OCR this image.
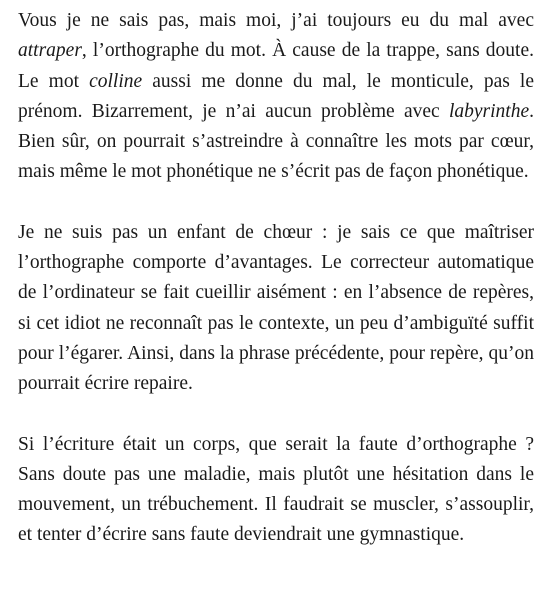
Vous je ne sais pas, mais moi, j’ai toujours eu du mal avec attraper, l’orthographe du mot. À cause de la trappe, sans doute. Le mot colline aussi me donne du mal, le monticule, pas le prénom. Bizarrement, je n’ai aucun problème avec labyrinthe. Bien sûr, on pourrait s’astreindre à connaître les mots par cœur, mais même le mot phonétique ne s’écrit pas de façon phonétique.

Je ne suis pas un enfant de chœur : je sais ce que maîtriser l’orthographe comporte d’avantages. Le correcteur automatique de l’ordinateur se fait cueillir aisément : en l’absence de repères, si cet idiot ne reconnaît pas le contexte, un peu d’ambiguïté suffit pour l’égarer. Ainsi, dans la phrase précédente, pour repère, qu’on pourrait écrire repaire.

Si l’écriture était un corps, que serait la faute d’orthographe ? Sans doute pas une maladie, mais plutôt une hésitation dans le mouvement, un trébuchement. Il faudrait se muscler, s’assouplir, et tenter d’écrire sans faute deviendrait une gymnastique.
